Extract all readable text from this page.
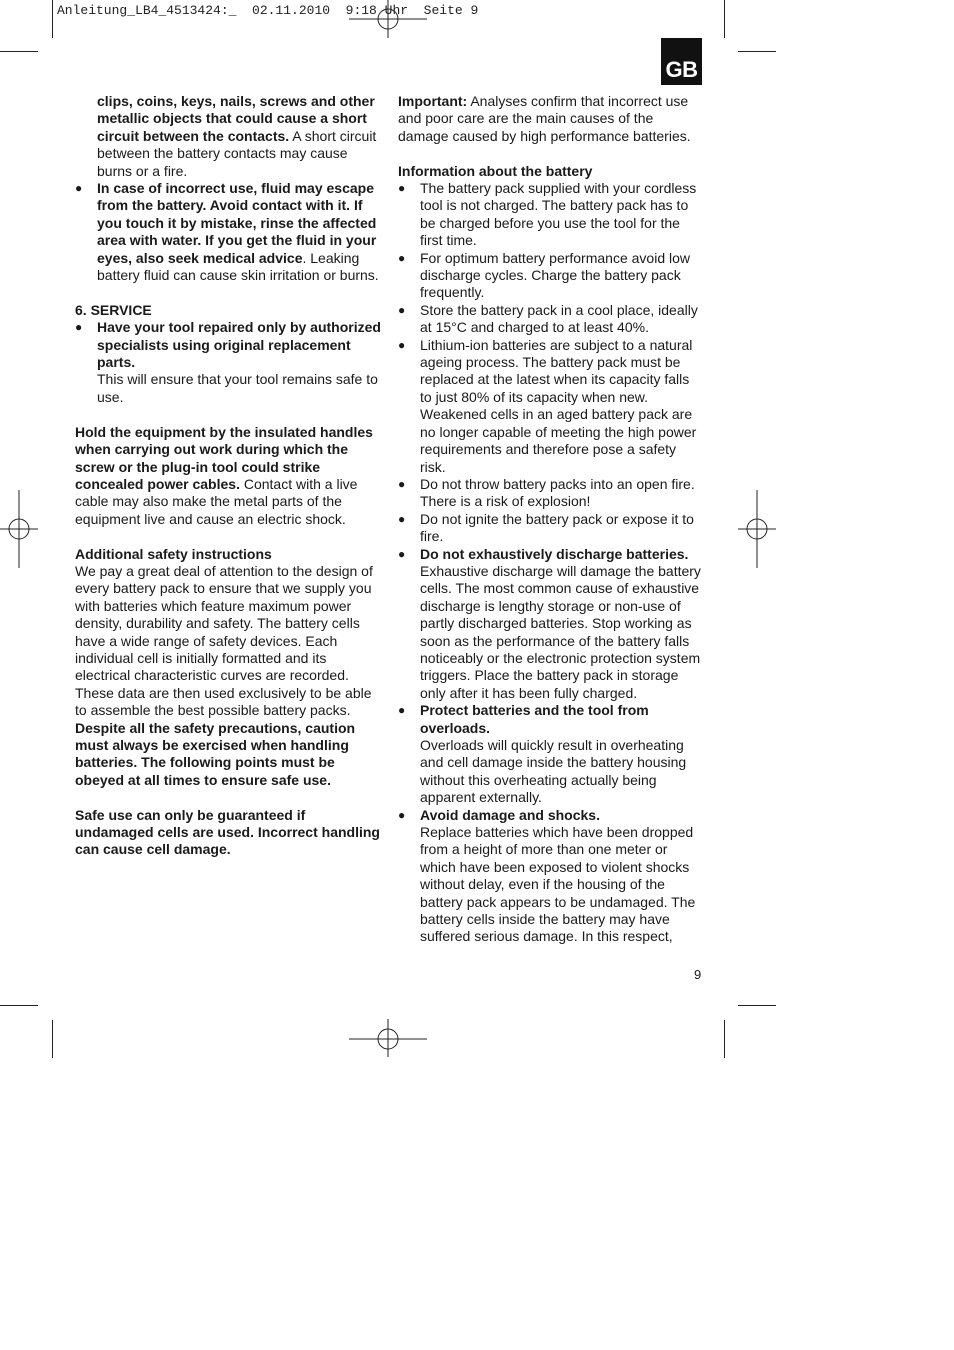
Anleitung_LB4_4513424:_  02.11.2010  9:18 Uhr  Seite 9
GB

clips, coins, keys, nails, screws and other metallic objects that could cause a short circuit between the contacts. A short circuit between the battery contacts may cause burns or a fire.

● In case of incorrect use, fluid may escape from the battery. Avoid contact with it. If you touch it by mistake, rinse the affected area with water. If you get the fluid in your eyes, also seek medical advice. Leaking battery fluid can cause skin irritation or burns.

6. SERVICE

● Have your tool repaired only by authorized specialists using original replacement parts.

This will ensure that your tool remains safe to use.

Hold the equipment by the insulated handles when carrying out work during which the screw or the plug-in tool could strike concealed power cables. Contact with a live cable may also make the metal parts of the equipment live and cause an electric shock.

Additional safety instructions

We pay a great deal of attention to the design of every battery pack to ensure that we supply you with batteries which feature maximum power density, durability and safety. The battery cells have a wide range of safety devices. Each individual cell is initially formatted and its electrical characteristic curves are recorded. These data are then used exclusively to be able to assemble the best possible battery packs.

Despite all the safety precautions, caution must always be exercised when handling batteries. The following points must be obeyed at all times to ensure safe use.

Safe use can only be guaranteed if undamaged cells are used. Incorrect handling can cause cell damage.

Important: Analyses confirm that incorrect use and poor care are the main causes of the damage caused by high performance batteries.

Information about the battery

● The battery pack supplied with your cordless tool is not charged. The battery pack has to be charged before you use the tool for the first time.

● For optimum battery performance avoid low discharge cycles. Charge the battery pack frequently.

● Store the battery pack in a cool place, ideally at 15°C and charged to at least 40%.

● Lithium-ion batteries are subject to a natural ageing process. The battery pack must be replaced at the latest when its capacity falls to just 80% of its capacity when new. Weakened cells in an aged battery pack are no longer capable of meeting the high power requirements and therefore pose a safety risk.

● Do not throw battery packs into an open fire. There is a risk of explosion!

● Do not ignite the battery pack or expose it to fire.

● Do not exhaustively discharge batteries.

Exhaustive discharge will damage the battery cells. The most common cause of exhaustive discharge is lengthy storage or non-use of partly discharged batteries. Stop working as soon as the performance of the battery falls noticeably or the electronic protection system triggers. Place the battery pack in storage only after it has been fully charged.

● Protect batteries and the tool from overloads.

Overloads will quickly result in overheating and cell damage inside the battery housing without this overheating actually being apparent externally.

● Avoid damage and shocks.

Replace batteries which have been dropped from a height of more than one meter or which have been exposed to violent shocks without delay, even if the housing of the battery pack appears to be undamaged. The battery cells inside the battery may have suffered serious damage. In this respect,

9
